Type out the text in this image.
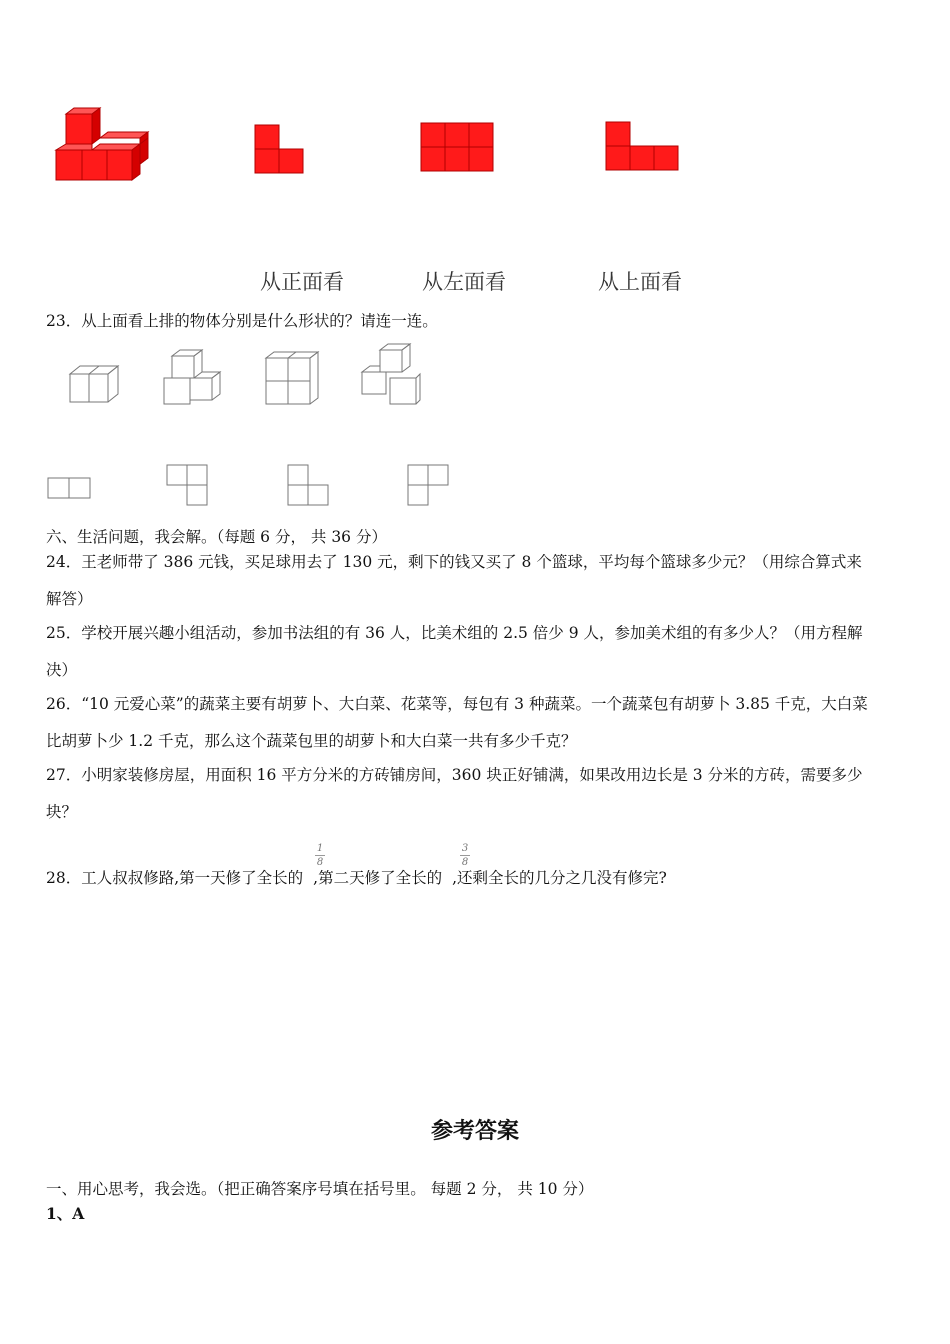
从正面看	从左面看	从上面看
23．从上面看上排的物体分别是什么形状的？请连一连。
六、生活问题，我会解。（每题 6 分， 共 36 分）
24．王老师带了 386 元钱，买足球用去了 130 元，剩下的钱又买了 8 个篮球，平均每个篮球多少元？（用综合算式来
解答）
25．学校开展兴趣小组活动，参加书法组的有 36 人，比美术组的 2.5 倍少 9 人，参加美术组的有多少人？（用方程解
决）
26．“10 元爱心菜”的蔬菜主要有胡萝卜、大白菜、花菜等，每包有 3 种蔬菜。一个蔬菜包有胡萝卜 3.85 千克，大白菜
比胡萝卜少 1.2 千克，那么这个蔬菜包里的胡萝卜和大白菜一共有多少千克？
27．小明家装修房屋，用面积 16 平方分米的方砖铺房间，360 块正好铺满，如果改用边长是 3 分米的方砖，需要多少
块？
28．工人叔叔修路,第一天修了全长的 ,第二天修了全长的 ,还剩全长的几分之几没有修完?
1
8
3
8
参考答案
一、用心思考，我会选。（把正确答案序号填在括号里。 每题 2 分， 共 10 分）
1、A
